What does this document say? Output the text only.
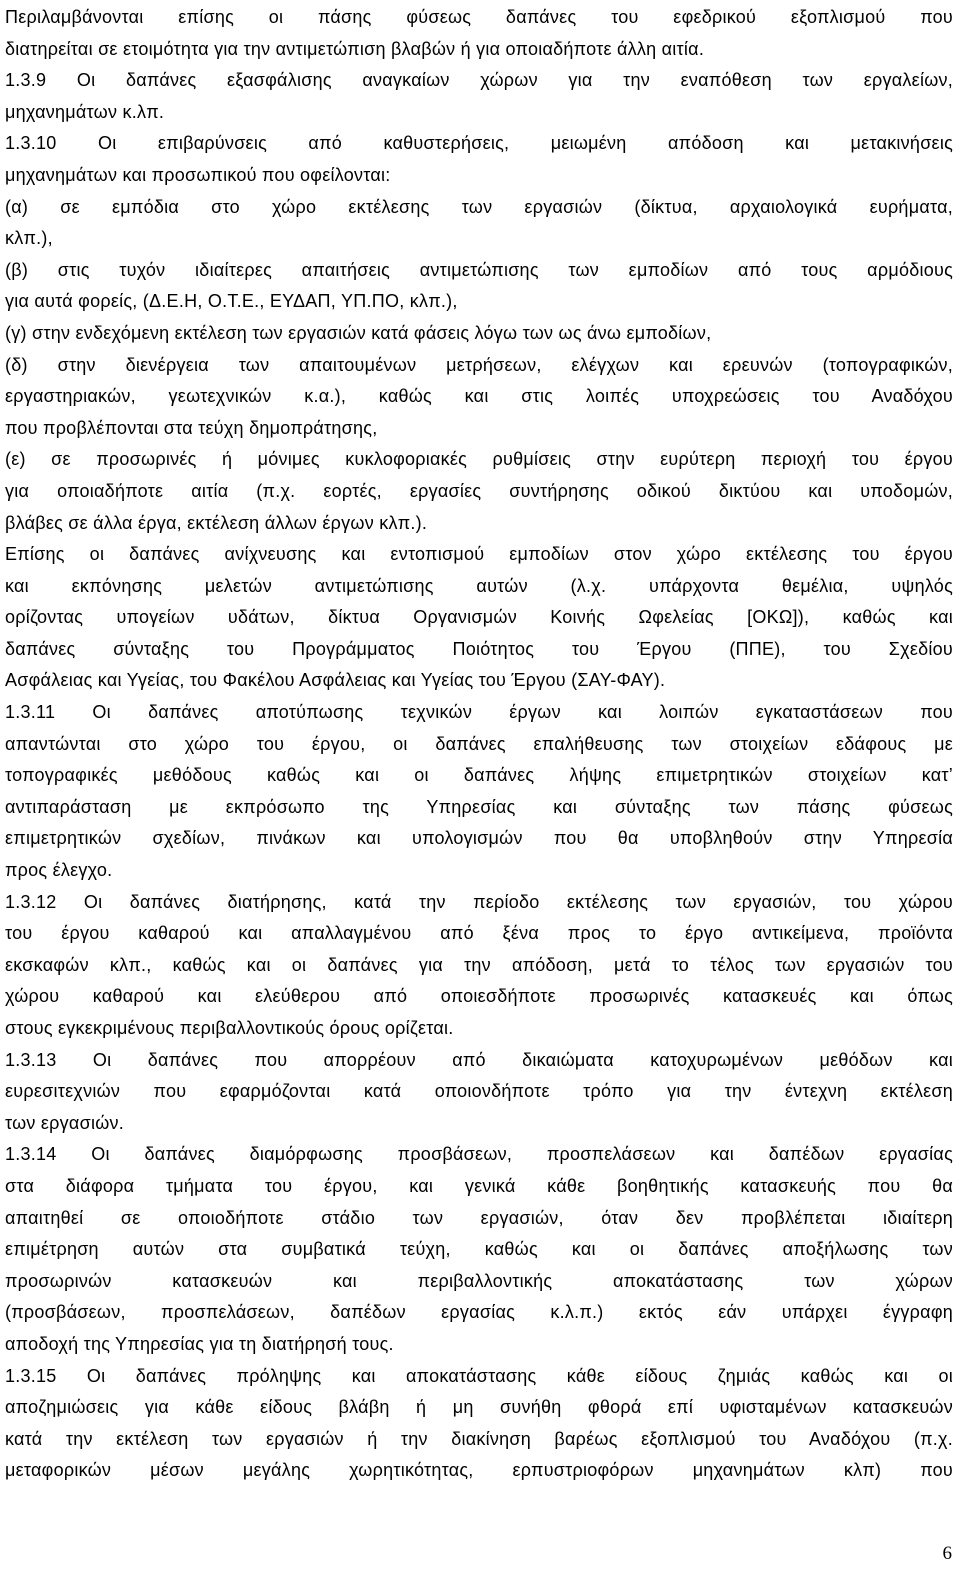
Περιλαμβάνονται επίσης οι πάσης φύσεως δαπάνες του εφεδρικού εξοπλισμού που
διατηρείται σε ετοιμότητα για την αντιμετώπιση βλαβών ή για οποιαδήποτε άλλη αιτία.

1.3.9 Οι δαπάνες εξασφάλισης αναγκαίων χώρων για την εναπόθεση των εργαλείων,
μηχανημάτων κ.λπ.

1.3.10 Οι επιβαρύνσεις από καθυστερήσεις, μειωμένη απόδοση και μετακινήσεις
μηχανημάτων και προσωπικού που οφείλονται:

(α) σε εμπόδια στο χώρο εκτέλεσης των εργασιών (δίκτυα, αρχαιολογικά ευρήματα,
κλπ.),

(β) στις τυχόν ιδιαίτερες απαιτήσεις αντιμετώπισης των εμποδίων από τους αρμόδιους
για αυτά φορείς, (Δ.Ε.Η, Ο.Τ.Ε., ΕΥΔΑΠ, ΥΠ.ΠΟ, κλπ.),

(γ) στην ενδεχόμενη εκτέλεση των εργασιών κατά φάσεις λόγω των ως άνω εμποδίων,

(δ) στην διενέργεια των απαιτουμένων μετρήσεων, ελέγχων και ερευνών (τοπογραφικών,
εργαστηριακών, γεωτεχνικών κ.α.), καθώς και στις λοιπές υποχρεώσεις του Αναδόχου
που προβλέπονται στα τεύχη δημοπράτησης,

(ε) σε προσωρινές ή μόνιμες κυκλοφοριακές ρυθμίσεις στην ευρύτερη περιοχή του έργου
για οποιαδήποτε αιτία (π.χ. εορτές, εργασίες συντήρησης οδικού δικτύου και υποδομών,
βλάβες σε άλλα έργα, εκτέλεση άλλων έργων κλπ.).

Επίσης οι δαπάνες ανίχνευσης και εντοπισμού εμποδίων στον χώρο εκτέλεσης του έργου
και εκπόνησης μελετών αντιμετώπισης αυτών (λ.χ. υπάρχοντα θεμέλια, υψηλός
ορίζοντας υπογείων υδάτων, δίκτυα Οργανισμών Κοινής Ωφελείας [ΟΚΩ]), καθώς και
δαπάνες σύνταξης του Προγράμματος Ποιότητος του Έργου (ΠΠΕ), του Σχεδίου
Ασφάλειας και Υγείας, του Φακέλου Ασφάλειας και Υγείας του Έργου (ΣΑΥ-ΦΑΥ).

1.3.11 Οι δαπάνες αποτύπωσης τεχνικών έργων και λοιπών εγκαταστάσεων που
απαντώνται στο χώρο του έργου, οι δαπάνες επαλήθευσης των στοιχείων εδάφους με
τοπογραφικές μεθόδους καθώς και οι δαπάνες λήψης επιμετρητικών στοιχείων κατ’
αντιπαράσταση με εκπρόσωπο της Υπηρεσίας και σύνταξης των πάσης φύσεως
επιμετρητικών σχεδίων, πινάκων και υπολογισμών που θα υποβληθούν στην Υπηρεσία
προς έλεγχο.

1.3.12 Οι δαπάνες διατήρησης, κατά την περίοδο εκτέλεσης των εργασιών, του χώρου
του έργου καθαρού και απαλλαγμένου από ξένα προς το έργο αντικείμενα, προϊόντα
εκσκαφών κλπ., καθώς και οι δαπάνες για την απόδοση, μετά το τέλος των εργασιών του
χώρου καθαρού και ελεύθερου από οποιεσδήποτε προσωρινές κατασκευές και όπως
στους εγκεκριμένους περιβαλλοντικούς όρους ορίζεται.

1.3.13 Οι δαπάνες που απορρέουν από δικαιώματα κατοχυρωμένων μεθόδων και
ευρεσιτεχνιών που εφαρμόζονται κατά οποιονδήποτε τρόπο για την έντεχνη εκτέλεση
των εργασιών.

1.3.14 Οι δαπάνες διαμόρφωσης προσβάσεων, προσπελάσεων και δαπέδων εργασίας
στα διάφορα τμήματα του έργου, και γενικά κάθε βοηθητικής κατασκευής που θα
απαιτηθεί σε οποιοδήποτε στάδιο των εργασιών, όταν δεν προβλέπεται ιδιαίτερη
επιμέτρηση αυτών στα συμβατικά τεύχη, καθώς και οι δαπάνες αποξήλωσης των
προσωρινών κατασκευών και περιβαλλοντικής αποκατάστασης των χώρων
(προσβάσεων, προσπελάσεων, δαπέδων εργασίας κ.λ.π.) εκτός εάν υπάρχει έγγραφη
αποδοχή της Υπηρεσίας για τη διατήρησή τους.

1.3.15 Οι δαπάνες πρόληψης και αποκατάστασης κάθε είδους ζημιάς καθώς και οι
αποζημιώσεις για κάθε είδους βλάβη ή μη συνήθη φθορά επί υφισταμένων κατασκευών
κατά την εκτέλεση των εργασιών ή την διακίνηση βαρέως εξοπλισμού του Αναδόχου (π.χ.
μεταφορικών μέσων μεγάλης χωρητικότητας, ερπυστριοφόρων μηχανημάτων κλπ) που

6
